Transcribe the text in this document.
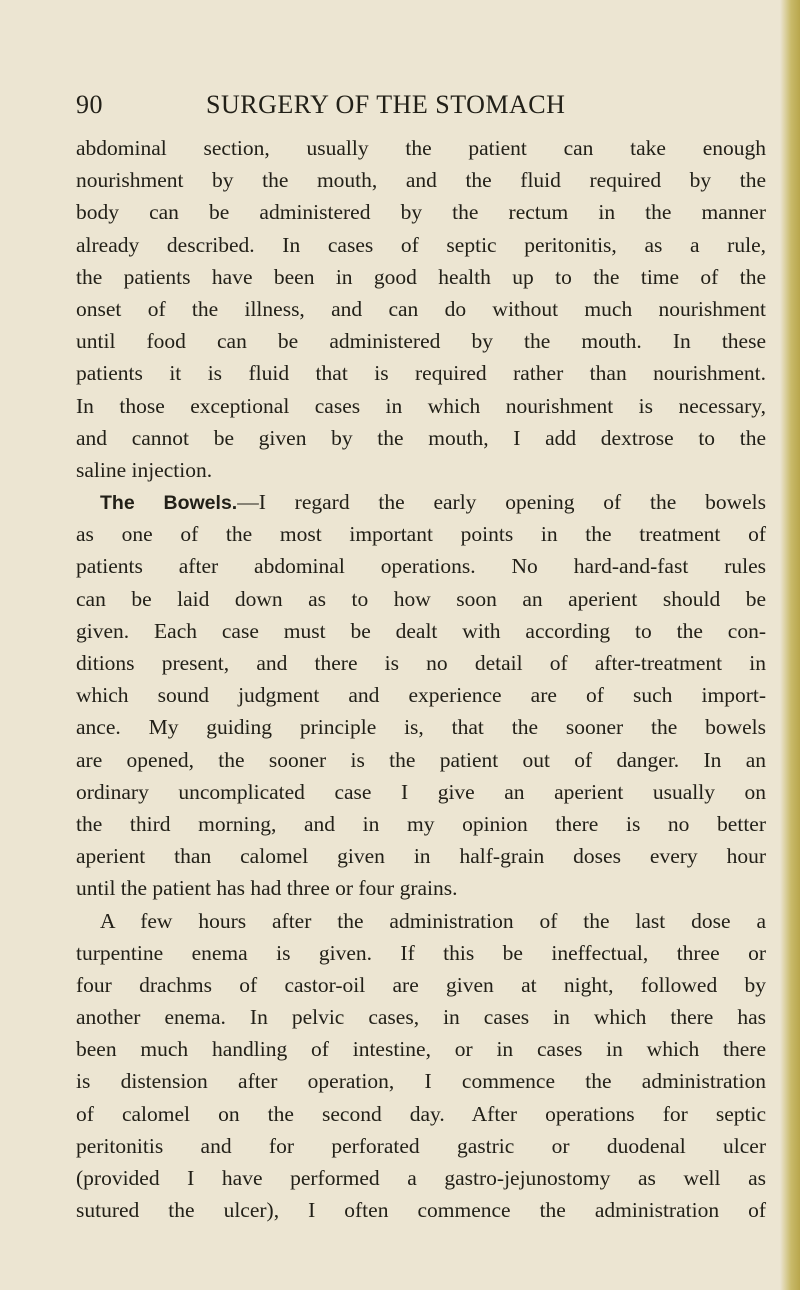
90	SURGERY OF THE STOMACH
abdominal section, usually the patient can take enough
nourishment by the mouth, and the fluid required by the
body can be administered by the rectum in the manner
already described. In cases of septic peritonitis, as a rule,
the patients have been in good health up to the time of the
onset of the illness, and can do without much nourishment
until food can be administered by the mouth. In these
patients it is fluid that is required rather than nourishment.
In those exceptional cases in which nourishment is necessary,
and cannot be given by the mouth, I add dextrose to the
saline injection.
The Bowels.—I regard the early opening of the bowels
as one of the most important points in the treatment of
patients after abdominal operations. No hard-and-fast rules
can be laid down as to how soon an aperient should be
given. Each case must be dealt with according to the con-
ditions present, and there is no detail of after-treatment in
which sound judgment and experience are of such import-
ance. My guiding principle is, that the sooner the bowels
are opened, the sooner is the patient out of danger. In an
ordinary uncomplicated case I give an aperient usually on
the third morning, and in my opinion there is no better
aperient than calomel given in half-grain doses every hour
until the patient has had three or four grains.
A few hours after the administration of the last dose a
turpentine enema is given. If this be ineffectual, three or
four drachms of castor-oil are given at night, followed by
another enema. In pelvic cases, in cases in which there has
been much handling of intestine, or in cases in which there
is distension after operation, I commence the administration
of calomel on the second day. After operations for septic
peritonitis and for perforated gastric or duodenal ulcer
(provided I have performed a gastro-jejunostomy as well as
sutured the ulcer), I often commence the administration of
